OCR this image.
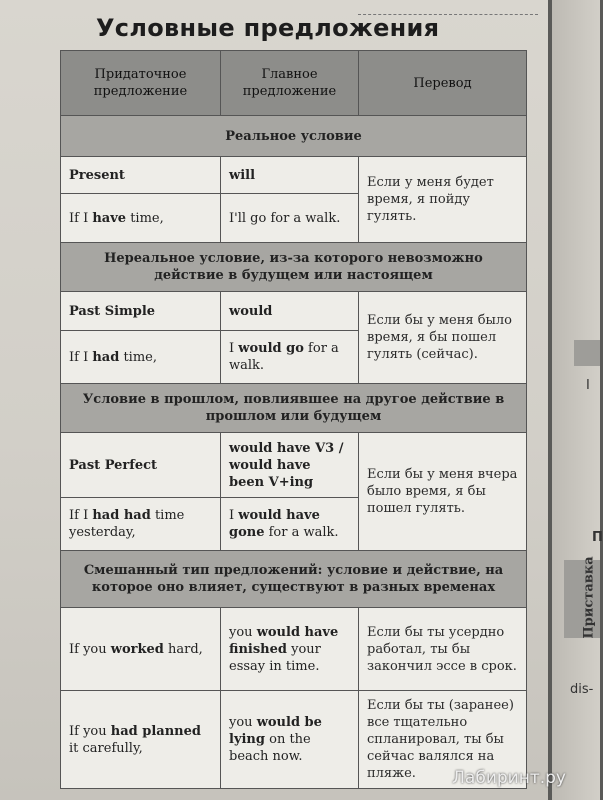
Условные предложения
Придаточное предложение	Главное предложение	Перевод
Реальное условие		
Present	will	Если у меня будет время, я пойду гулять.
If I have time,	I'll go for a walk.	
Нереальное условие, из-за которого невозможно действие в будущем или настоящем		
Past Simple	would	Если бы у меня было время, я бы пошел гулять (сейчас).
If I had time,	I would go for a walk.	
Условие в прошлом, повлиявшее на другое действие в прошлом или будущем		
Past Perfect	would have V3 / would have been V+ing	Если бы у меня вчера было время, я бы пошел гулять.
If I had had time yesterday,	I would have gone for a walk.	
Смешанный тип предложений: условие и действие, на которое оно влияет, существуют в разных временах		
If you worked hard,	you would have finished your essay in time.	Если бы ты усердно работал, ты бы закончил эссе в срок.
If you had planned it carefully,	you would be lying on the beach now.	Если бы ты (заранее) все тщательно спланировал, ты бы сейчас валялся на пляже.
I
П
Приставка
dis-
Лабиринт.ру
